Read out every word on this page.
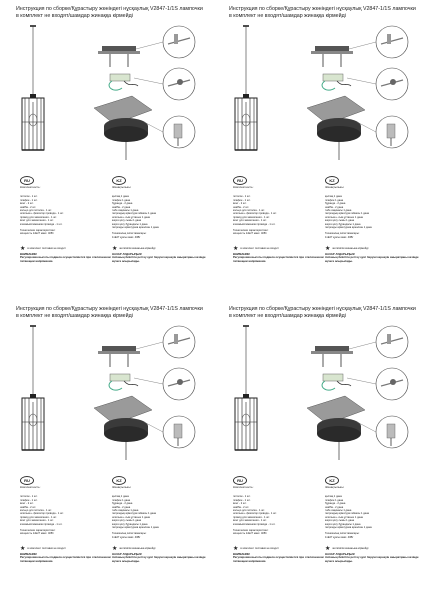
Инструкция по сборке/Құрастыру жөніндегі нұсқаулық V2847-1/1S лампочки в комплект не входят/шамдар жинаққа кірмейді
RU	KZ
Комплектность:
потолок - 1 шт.
плафон - 1 шт.
винт - 2 шт.
шайба - 2 шт.
кольцо для потолка - 1 шт.
шпилька + фиксатор провода - 1 шт.
провод для заземления - 1 шт.
винт для заземления - 1 шт.
клеммы/клеммники провода - 1 шт.
Технические характеристики:
мощность 1xE27 макс. 40Вт
Жинақтылығы:
қалпақ 1 дана
плафон 1 дана
бұранда - 2 дана
шайба - 2 дана
төбе сақинасы 1 дана
патрондық арматура гайкасы 1 дана
шпилька + сым ұстағыш 1 дана
жерге қосу сымы 1 дана
жерге қосу бұрандасы 1 дана
патронды арматураға арналған 1 дана
Техникалық сипаттамалары:
1хЕ27 қуаты макс. 40Вт
★ в комплект поставки не входит	★ жеткізілім жинағына кірмейді
ВНИМАНИЕ!
Регулировка высоты подвеса осуществляется при отключенном питающем напряжении.
НАЗАР АУДАРЫҢЫЗ!
Аспаның биіктігін реттеу қуат беруші кернеуін ажыратқаны кезінде жүзеге асырылады.
Инструкция по сборке/Құрастыру жөніндегі нұсқаулық V2847-1/1S лампочки в комплект не входят/шамдар жинаққа кірмейді
RU	KZ
Комплектность:
потолок - 1 шт.
плафон - 1 шт.
винт - 2 шт.
шайба - 2 шт.
кольцо для потолка - 1 шт.
шпилька + фиксатор провода - 1 шт.
провод для заземления - 1 шт.
винт для заземления - 1 шт.
клеммы/клеммники провода - 1 шт.
Технические характеристики:
мощность 1xE27 макс. 40Вт
Жинақтылығы:
қалпақ 1 дана
плафон 1 дана
бұранда - 2 дана
шайба - 2 дана
төбе сақинасы 1 дана
патрондық арматура гайкасы 1 дана
шпилька + сым ұстағыш 1 дана
жерге қосу сымы 1 дана
жерге қосу бұрандасы 1 дана
патронды арматураға арналған 1 дана
Техникалық сипаттамалары:
1хЕ27 қуаты макс. 40Вт
★ в комплект поставки не входит	★ жеткізілім жинағына кірмейді
ВНИМАНИЕ!
Регулировка высоты подвеса осуществляется при отключенном питающем напряжении.
НАЗАР АУДАРЫҢЫЗ!
Аспаның биіктігін реттеу қуат беруші кернеуін ажыратқаны кезінде жүзеге асырылады.
Инструкция по сборке/Құрастыру жөніндегі нұсқаулық V2847-1/1S лампочки в комплект не входят/шамдар жинаққа кірмейді
RU	KZ
Комплектность:
потолок - 1 шт.
плафон - 1 шт.
винт - 2 шт.
шайба - 2 шт.
кольцо для потолка - 1 шт.
шпилька + фиксатор провода - 1 шт.
провод для заземления - 1 шт.
винт для заземления - 1 шт.
клеммы/клеммники провода - 1 шт.
Технические характеристики:
мощность 1xE27 макс. 40Вт
Жинақтылығы:
қалпақ 1 дана
плафон 1 дана
бұранда - 2 дана
шайба - 2 дана
төбе сақинасы 1 дана
патрондық арматура гайкасы 1 дана
шпилька + сым ұстағыш 1 дана
жерге қосу сымы 1 дана
жерге қосу бұрандасы 1 дана
патронды арматураға арналған 1 дана
Техникалық сипаттамалары:
1хЕ27 қуаты макс. 40Вт
★ в комплект поставки не входит	★ жеткізілім жинағына кірмейді
ВНИМАНИЕ!
Регулировка высоты подвеса осуществляется при отключенном питающем напряжении.
НАЗАР АУДАРЫҢЫЗ!
Аспаның биіктігін реттеу қуат беруші кернеуін ажыратқаны кезінде жүзеге асырылады.
Инструкция по сборке/Құрастыру жөніндегі нұсқаулық V2847-1/1S лампочки в комплект не входят/шамдар жинаққа кірмейді
RU	KZ
Комплектность:
потолок - 1 шт.
плафон - 1 шт.
винт - 2 шт.
шайба - 2 шт.
кольцо для потолка - 1 шт.
шпилька + фиксатор провода - 1 шт.
провод для заземления - 1 шт.
винт для заземления - 1 шт.
клеммы/клеммники провода - 1 шт.
Технические характеристики:
мощность 1xE27 макс. 40Вт
Жинақтылығы:
қалпақ 1 дана
плафон 1 дана
бұранда - 2 дана
шайба - 2 дана
төбе сақинасы 1 дана
патрондық арматура гайкасы 1 дана
шпилька + сым ұстағыш 1 дана
жерге қосу сымы 1 дана
жерге қосу бұрандасы 1 дана
патронды арматураға арналған 1 дана
Техникалық сипаттамалары:
1хЕ27 қуаты макс. 40Вт
★ в комплект поставки не входит	★ жеткізілім жинағына кірмейді
ВНИМАНИЕ!
Регулировка высоты подвеса осуществляется при отключенном питающем напряжении.
НАЗАР АУДАРЫҢЫЗ!
Аспаның биіктігін реттеу қуат беруші кернеуін ажыратқаны кезінде жүзеге асырылады.
